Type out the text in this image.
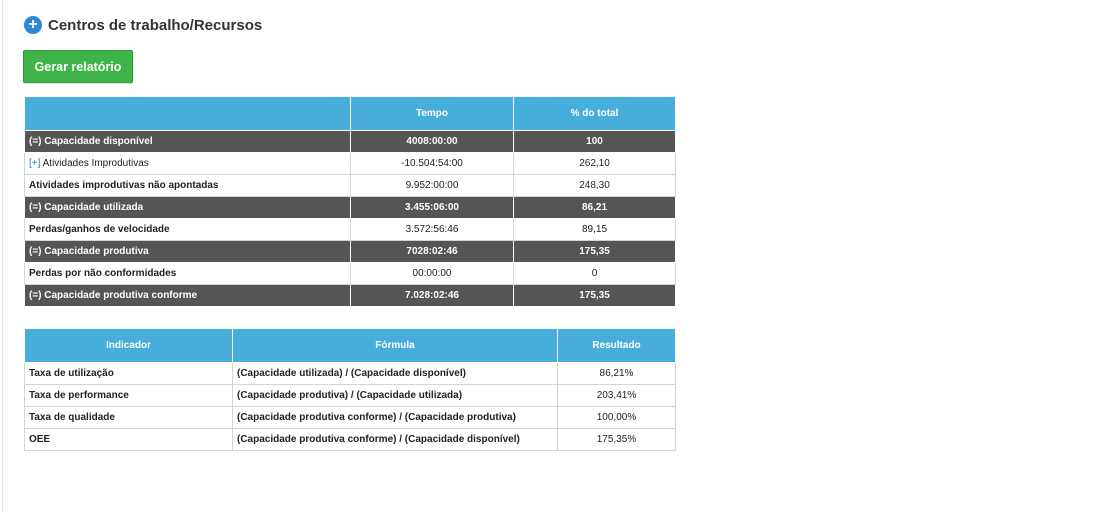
+ Centros de trabalho/Recursos
Gerar relatório
	Tempo	% do total
(=) Capacidade disponível	4008:00:00	100
[+] Atividades Improdutivas	-10.504:54:00	262,10
Atividades improdutivas não apontadas	9.952:00:00	248,30
(=) Capacidade utilizada	3.455:06:00	86,21
Perdas/ganhos de velocidade	3.572:56:46	89,15
(=) Capacidade produtiva	7028:02:46	175,35
Perdas por não conformidades	00:00:00	0
(=) Capacidade produtiva conforme	7.028:02:46	175,35
Indicador	Fórmula	Resultado
Taxa de utilização	(Capacidade utilizada) / (Capacidade disponível)	86,21%
Taxa de performance	(Capacidade produtiva) / (Capacidade utilizada)	203,41%
Taxa de qualidade	(Capacidade produtiva conforme) / (Capacidade produtiva)	100,00%
OEE	(Capacidade produtiva conforme) / (Capacidade disponível)	175,35%
